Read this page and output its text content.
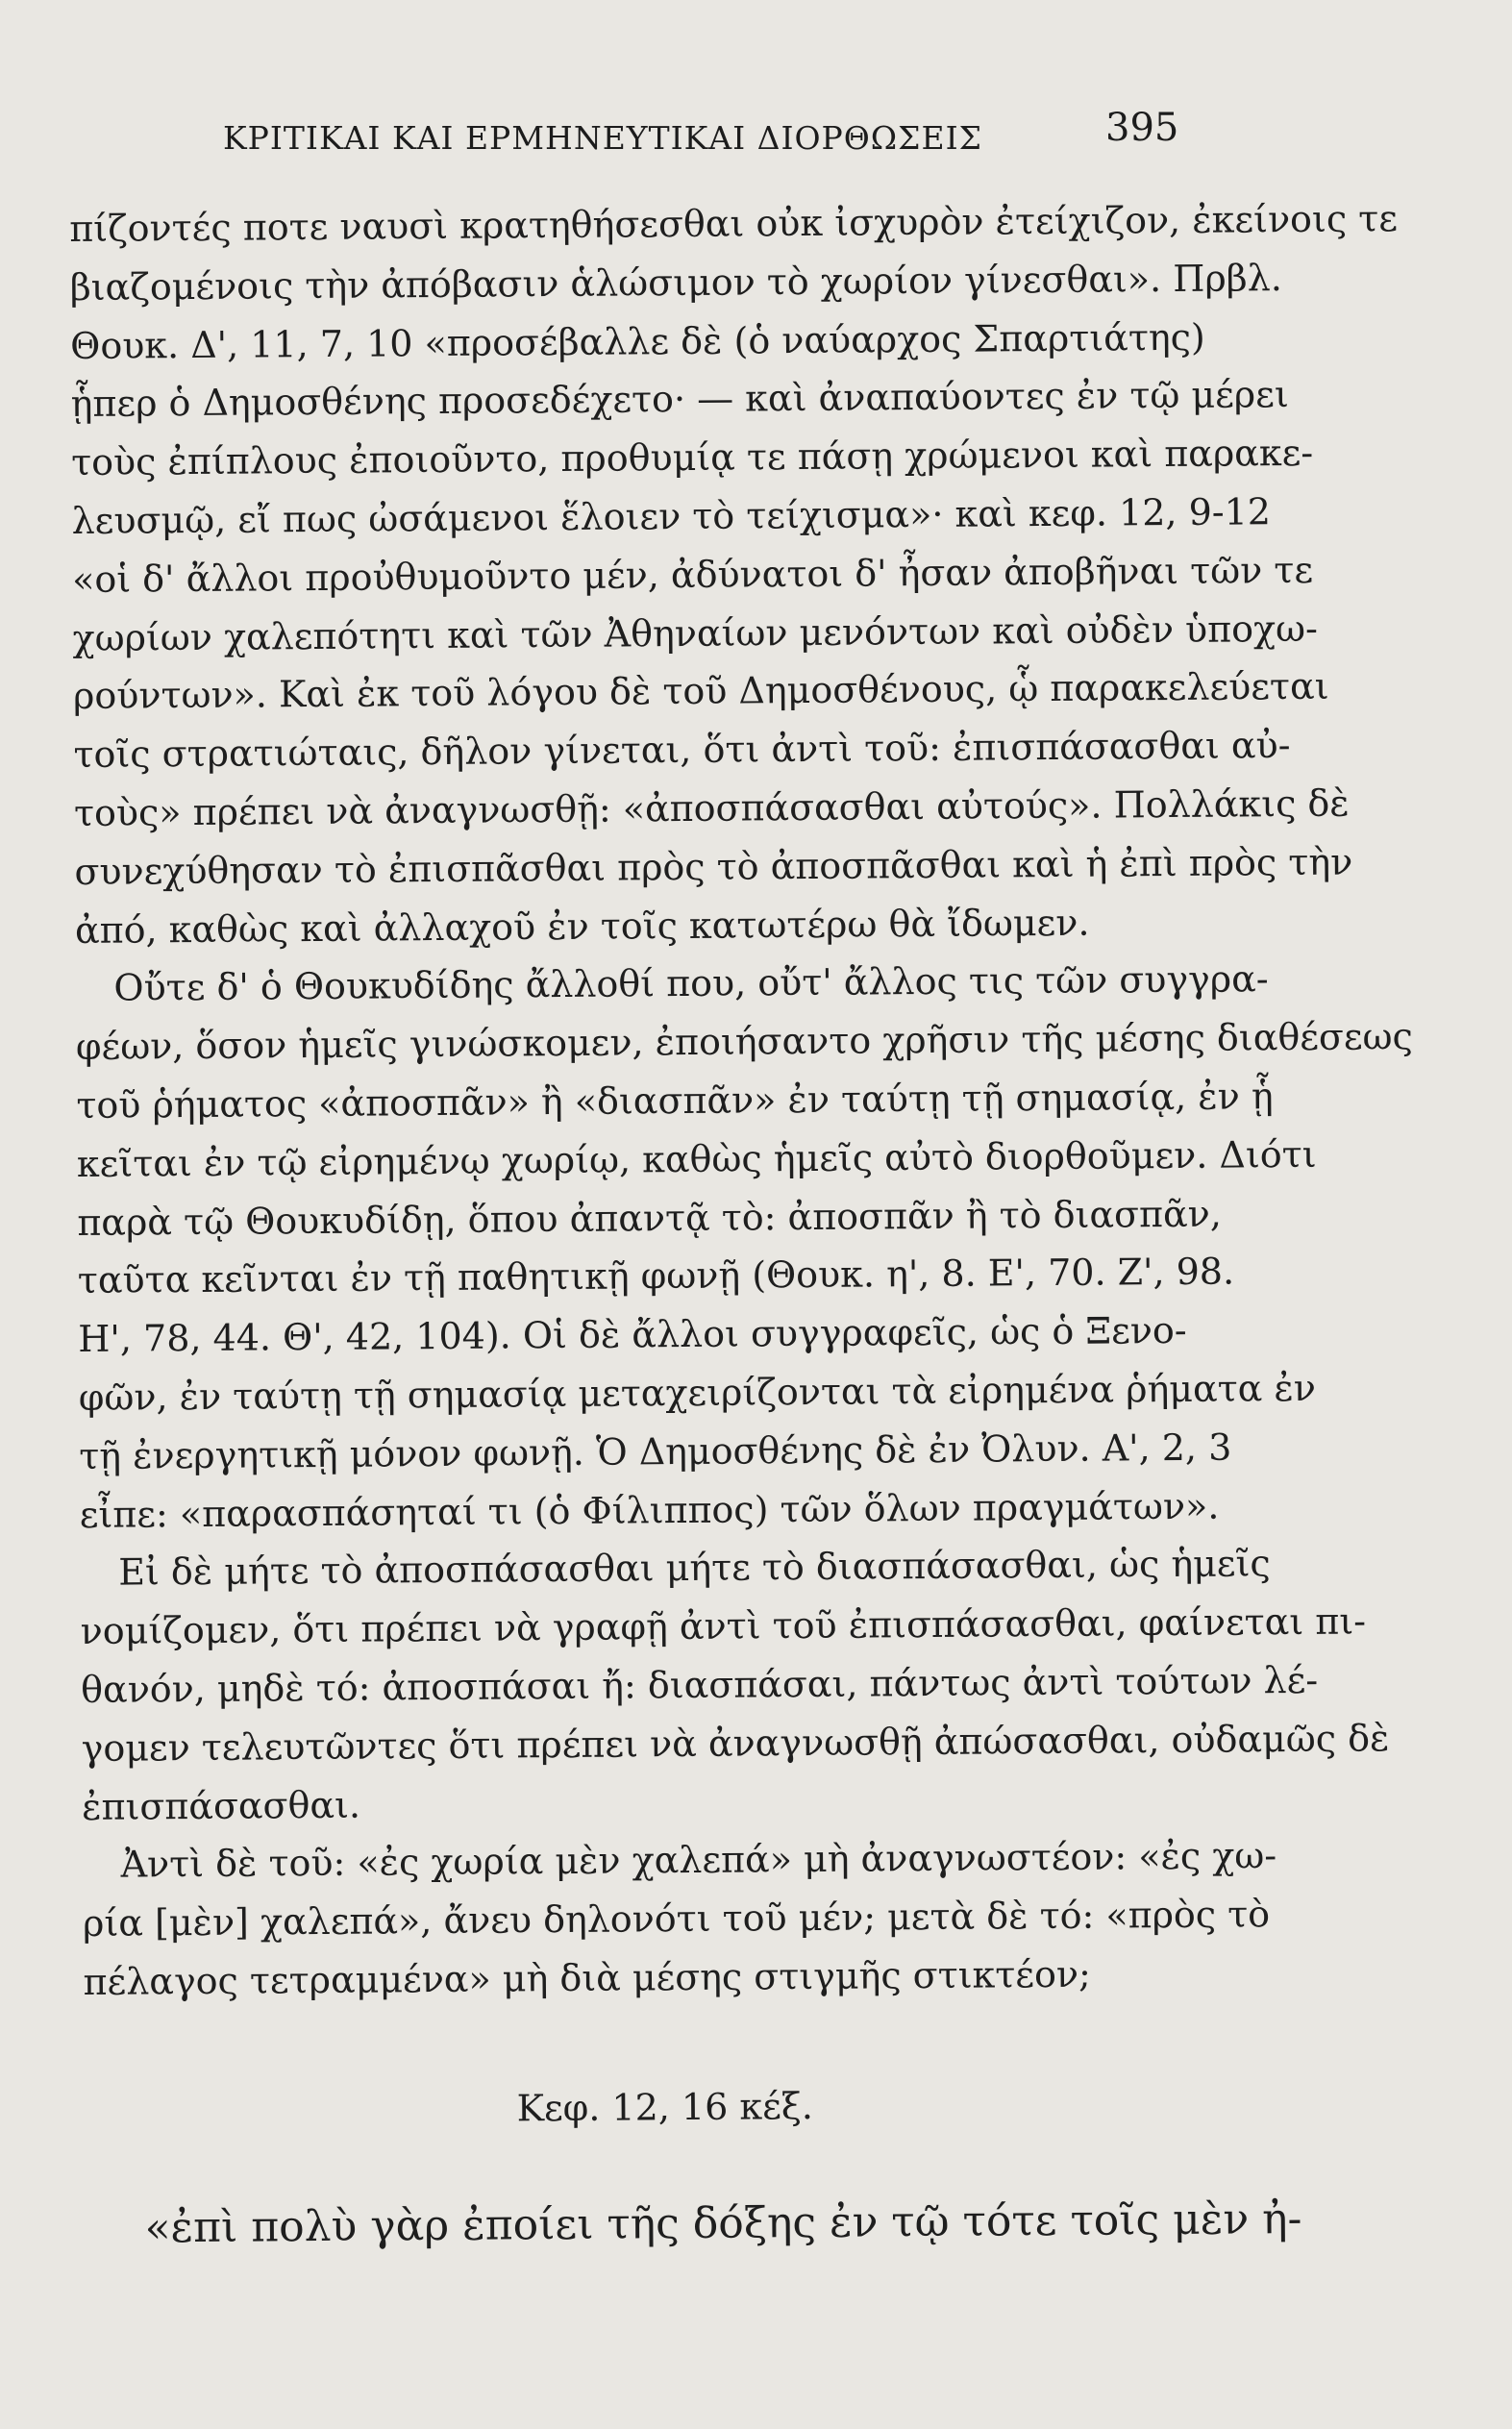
ΚΡΙΤΙΚΑΙ ΚΑΙ ΕΡΜΗΝΕΥΤΙΚΑΙ ΔΙΟΡΘΩΣΕΙΣ	395
πίζοντές ποτε ναυσὶ κρατηθήσεσθαι οὐκ ἰσχυρὸν ἐτείχιζον, ἐκείνοις τε
βιαζομένοις τὴν ἀπόβασιν ἁλώσιμον τὸ χωρίον γίνεσθαι». Πρβλ.
Θουκ. Δ', 11, 7, 10 «προσέβαλλε δὲ (ὁ ναύαρχος Σπαρτιάτης)
ᾗπερ ὁ Δημοσθένης προσεδέχετο· — καὶ ἀναπαύοντες ἐν τῷ μέρει
τοὺς ἐπίπλους ἐποιοῦντο, προθυμίᾳ τε πάσῃ χρώμενοι καὶ παρακε-
λευσμῷ, εἴ πως ὠσάμενοι ἕλοιεν τὸ τείχισμα»· καὶ κεφ. 12, 9-12
«οἱ δ' ἄλλοι προὐθυμοῦντο μέν, ἀδύνατοι δ' ἦσαν ἀποβῆναι τῶν τε
χωρίων χαλεπότητι καὶ τῶν Ἀθηναίων μενόντων καὶ οὐδὲν ὑποχω-
ρούντων». Καὶ ἐκ τοῦ λόγου δὲ τοῦ Δημοσθένους, ᾧ παρακελεύεται
τοῖς στρατιώταις, δῆλον γίνεται, ὅτι ἀντὶ τοῦ: ἐπισπάσασθαι αὐ-
τοὺς» πρέπει νὰ ἀναγνωσθῇ: «ἀποσπάσασθαι αὐτούς». Πολλάκις δὲ
συνεχύθησαν τὸ ἐπισπᾶσθαι πρὸς τὸ ἀποσπᾶσθαι καὶ ἡ ἐπὶ πρὸς τὴν
ἀπό, καθὼς καὶ ἀλλαχοῦ ἐν τοῖς κατωτέρω θὰ ἴδωμεν.
Οὔτε δ' ὁ Θουκυδίδης ἄλλοθί που, οὔτ' ἄλλος τις τῶν συγγρα-
φέων, ὅσον ἡμεῖς γινώσκομεν, ἐποιήσαντο χρῆσιν τῆς μέσης διαθέσεως
τοῦ ῥήματος «ἀποσπᾶν» ἢ «διασπᾶν» ἐν ταύτῃ τῇ σημασίᾳ, ἐν ᾗ
κεῖται ἐν τῷ εἰρημένῳ χωρίῳ, καθὼς ἡμεῖς αὐτὸ διορθοῦμεν. Διότι
παρὰ τῷ Θουκυδίδῃ, ὅπου ἀπαντᾷ τὸ: ἀποσπᾶν ἢ τὸ διασπᾶν,
ταῦτα κεῖνται ἐν τῇ παθητικῇ φωνῇ (Θουκ. η', 8. Ε', 70. Ζ', 98.
Η', 78, 44. Θ', 42, 104). Οἱ δὲ ἄλλοι συγγραφεῖς, ὡς ὁ Ξενο-
φῶν, ἐν ταύτῃ τῇ σημασίᾳ μεταχειρίζονται τὰ εἰρημένα ῥήματα ἐν
τῇ ἐνεργητικῇ μόνον φωνῇ. Ὁ Δημοσθένης δὲ ἐν Ὀλυν. Α', 2, 3
εἶπε: «παρασπάσηταί τι (ὁ Φίλιππος) τῶν ὅλων πραγμάτων».
Εἰ δὲ μήτε τὸ ἀποσπάσασθαι μήτε τὸ διασπάσασθαι, ὡς ἡμεῖς
νομίζομεν, ὅτι πρέπει νὰ γραφῇ ἀντὶ τοῦ ἐπισπάσασθαι, φαίνεται πι-
θανόν, μηδὲ τό: ἀποσπάσαι ἤ: διασπάσαι, πάντως ἀντὶ τούτων λέ-
γομεν τελευτῶντες ὅτι πρέπει νὰ ἀναγνωσθῇ ἀπώσασθαι, οὐδαμῶς δὲ
ἐπισπάσασθαι.
Ἀντὶ δὲ τοῦ: «ἐς χωρία μὲν χαλεπά» μὴ ἀναγνωστέον: «ἐς χω-
ρία [μὲν] χαλεπά», ἄνευ δηλονότι τοῦ μέν; μετὰ δὲ τό: «πρὸς τὸ
πέλαγος τετραμμένα» μὴ διὰ μέσης στιγμῆς στικτέον;
Κεφ. 12, 16 κέξ.
«ἐπὶ πολὺ γὰρ ἐποίει τῆς δόξης ἐν τῷ τότε τοῖς μὲν ἠ-
